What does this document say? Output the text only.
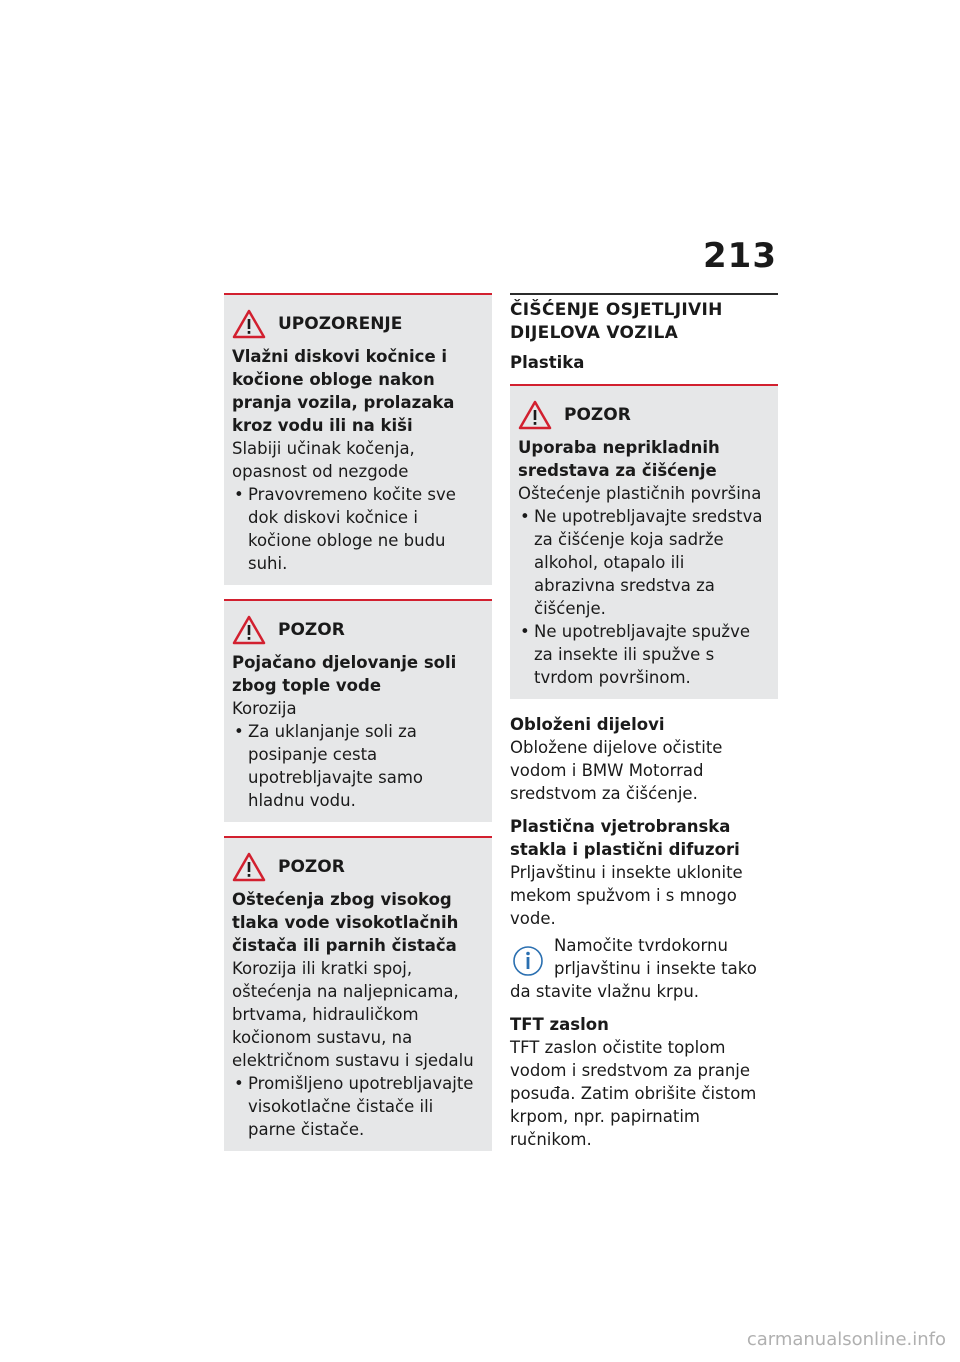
213
UPOZORENJE
Vlažni diskovi kočnice i kočione obloge nakon pranja vozila, prolazaka kroz vodu ili na kiši
Slabiji učinak kočenja, opasnost od nezgode
• Pravovremeno kočite sve dok diskovi kočnice i kočione obloge ne budu suhi.
POZOR
Pojačano djelovanje soli zbog tople vode
Korozija
• Za uklanjanje soli za posipanje cesta upotrebljavajte samo hladnu vodu.
POZOR
Oštećenja zbog visokog tlaka vode visokotlačnih čistača ili parnih čistača
Korozija ili kratki spoj, oštećenja na naljepnicama, brtvama, hidrauličkom kočionom sustavu, na električnom sustavu i sjedalu
• Promišljeno upotrebljavajte visokotlačne čistače ili parne čistače.
ČIŠĆENJE OSJETLJIVIH DIJELOVA VOZILA
Plastika
POZOR
Uporaba neprikladnih sredstava za čišćenje
Oštećenje plastičnih površina
• Ne upotrebljavajte sredstva za čišćenje koja sadrže alkohol, otapalo ili abrazivna sredstva za čišćenje.
• Ne upotrebljavajte spužve za insekte ili spužve s tvrdom površinom.
Obloženi dijelovi
Obložene dijelove očistite vodom i BMW Motorrad sredstvom za čišćenje.
Plastična vjetrobranska stakla i plastični difuzori
Prljavštinu i insekte uklonite mekom spužvom i s mnogo vode.
Namočite tvrdokornu prljavštinu i insekte tako da stavite vlažnu krpu.
TFT zaslon
TFT zaslon očistite toplom vodom i sredstvom za pranje posuđa. Zatim obrišite čistom krpom, npr. papirnatim ručnikom.
carmanualsonline.info
